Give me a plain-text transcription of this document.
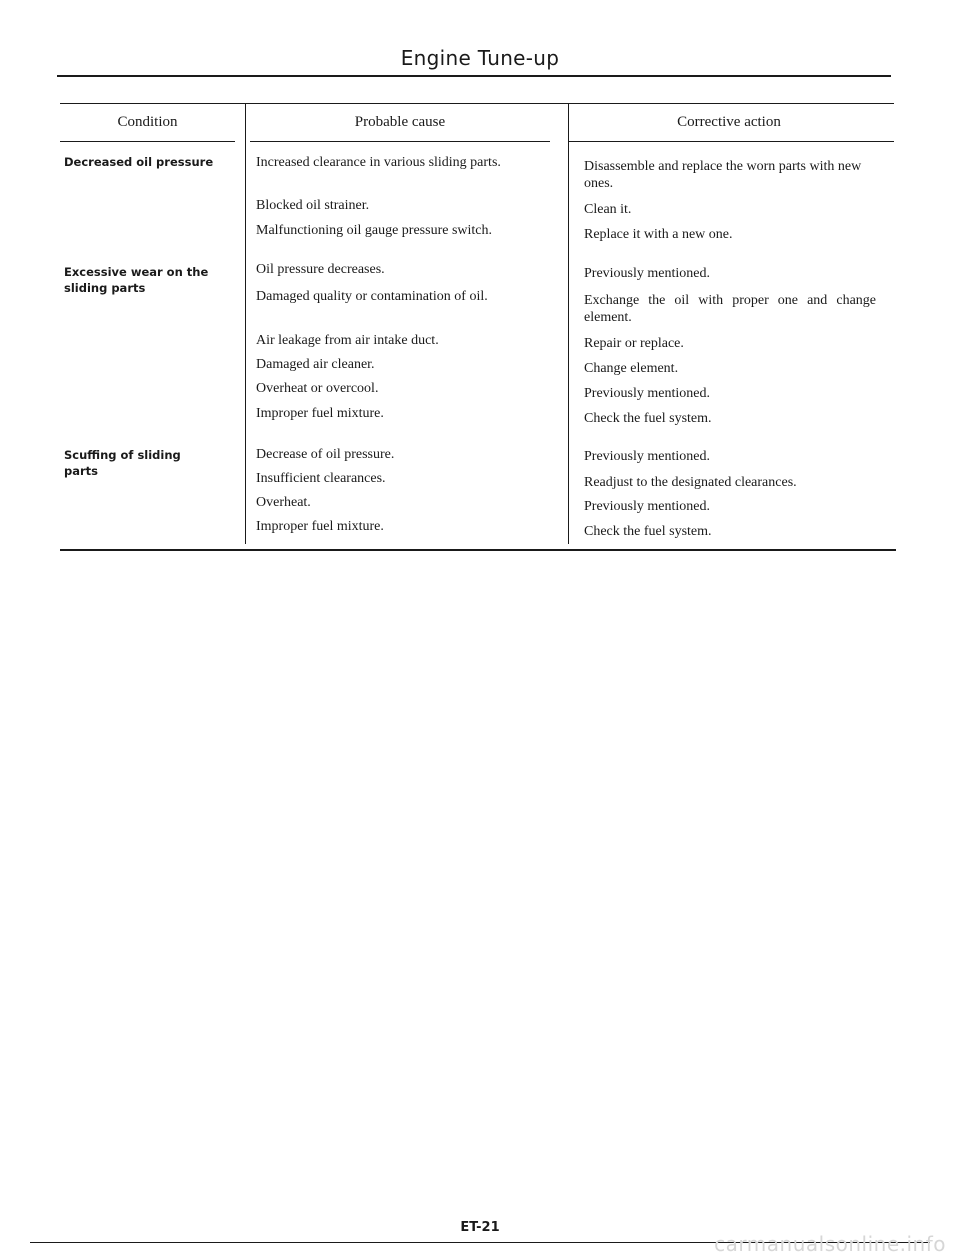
Engine Tune-up
Condition	Probable cause	Corrective action
Decreased oil pressure
Excessive wear on the sliding parts
Scuffing of sliding parts
Increased clearance in various sliding parts.
Blocked oil strainer.
Malfunctioning oil gauge pressure switch.
Oil pressure decreases.
Damaged quality or contamination of oil.
Air leakage from air intake duct.
Damaged air cleaner.
Overheat or overcool.
Improper fuel mixture.
Decrease of oil pressure.
Insufficient clearances.
Overheat.
Improper fuel mixture.
Disassemble and replace the worn parts with new ones.
Clean it.
Replace it with a new one.
Previously mentioned.
Exchange the oil with proper one and change element.
Repair or replace.
Change element.
Previously mentioned.
Check the fuel system.
Previously mentioned.
Readjust to the designated clearances.
Previously mentioned.
Check the fuel system.
ET-21
carmanualsonline.info
